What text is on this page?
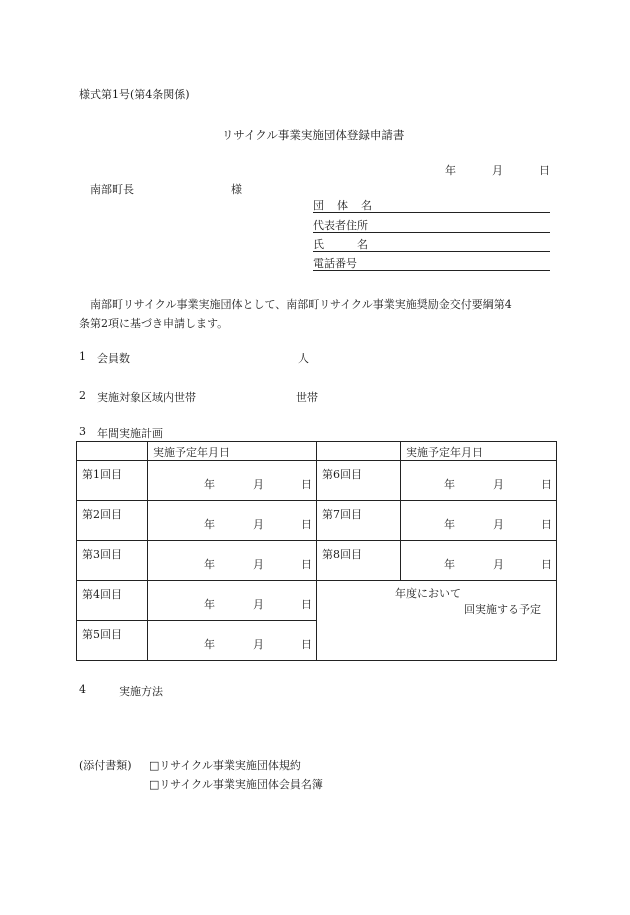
様式第1号(第4条関係)
リサイクル事業実施団体登録申請書
年	月	日
南部町長	様
団体名
代表者住所
氏名
電話番号
南部町リサイクル事業実施団体として、南部町リサイクル事業実施奨励金交付要綱第4
条第2項に基づき申請します。
1 会員数	人
2 実施対象区域内世帯	世帯
3 年間実施計画

	実施予定年月日		実施予定年月日

第1回目	年 月 日	第6回目	年 月 日

第2回目	年 月 日	第7回目	年 月 日

第3回目	年 月 日	第8回目	年 月 日

第4回目	年 月 日	年度において
回実施する予定	

第5回目	年 月 日		
4	実施方法
(添付書類) □リサイクル事業実施団体規約
□リサイクル事業実施団体会員名簿
